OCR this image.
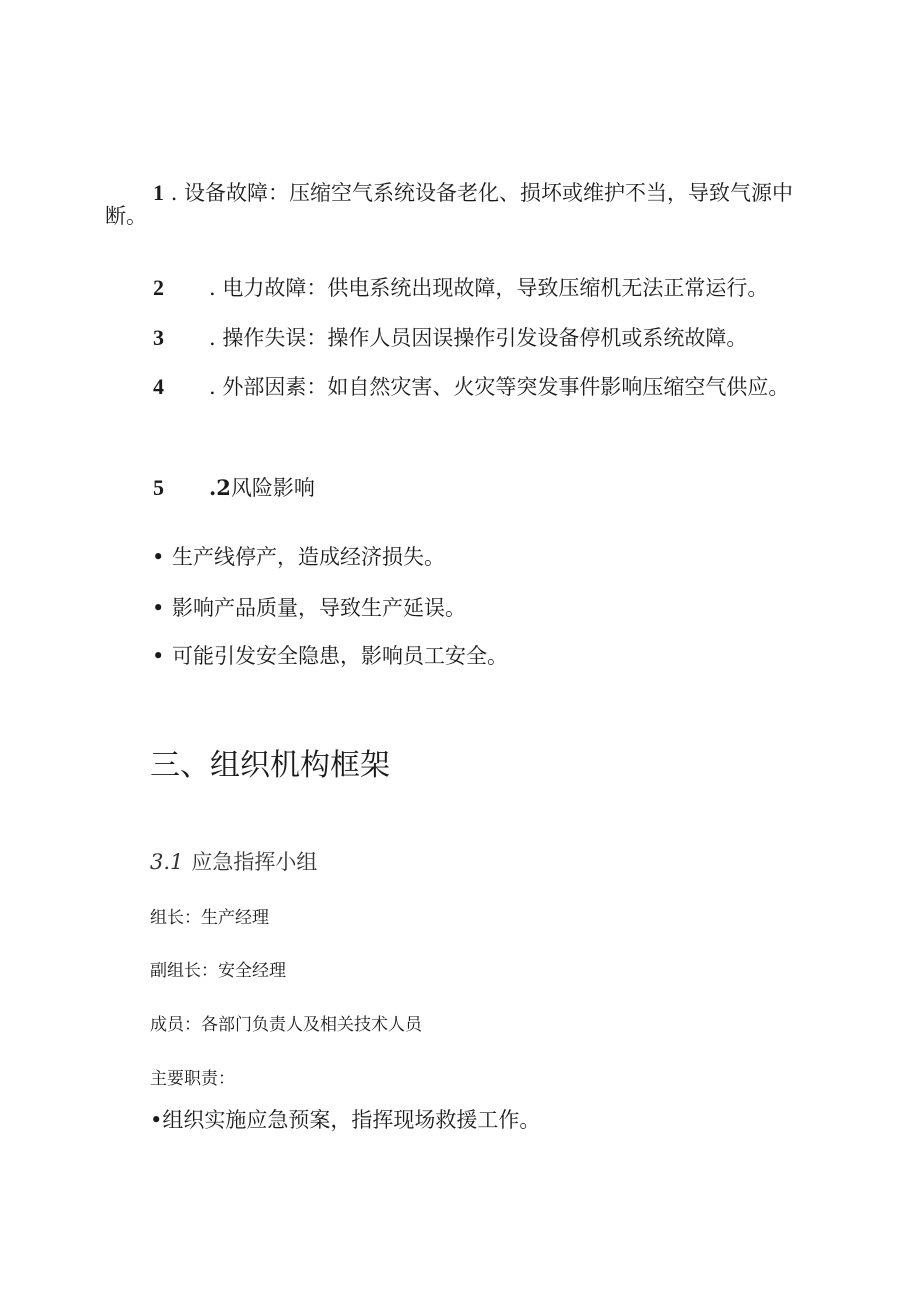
1 . 设备故障：压缩空气系统设备老化、损坏或维护不当，导致气源中
断。
2 . 电力故障：供电系统出现故障，导致压缩机无法正常运行。
3 . 操作失误：操作人员因误操作引发设备停机或系统故障。
4 . 外部因素：如自然灾害、火灾等突发事件影响压缩空气供应。
5 .2风险影响
• 生产线停产，造成经济损失。
• 影响产品质量，导致生产延误。
• 可能引发安全隐患，影响员工安全。
三、组织机构框架
3.1 应急指挥小组
组长：生产经理
副组长：安全经理
成员：各部门负责人及相关技术人员
主要职责：
•组织实施应急预案，指挥现场救援工作。
